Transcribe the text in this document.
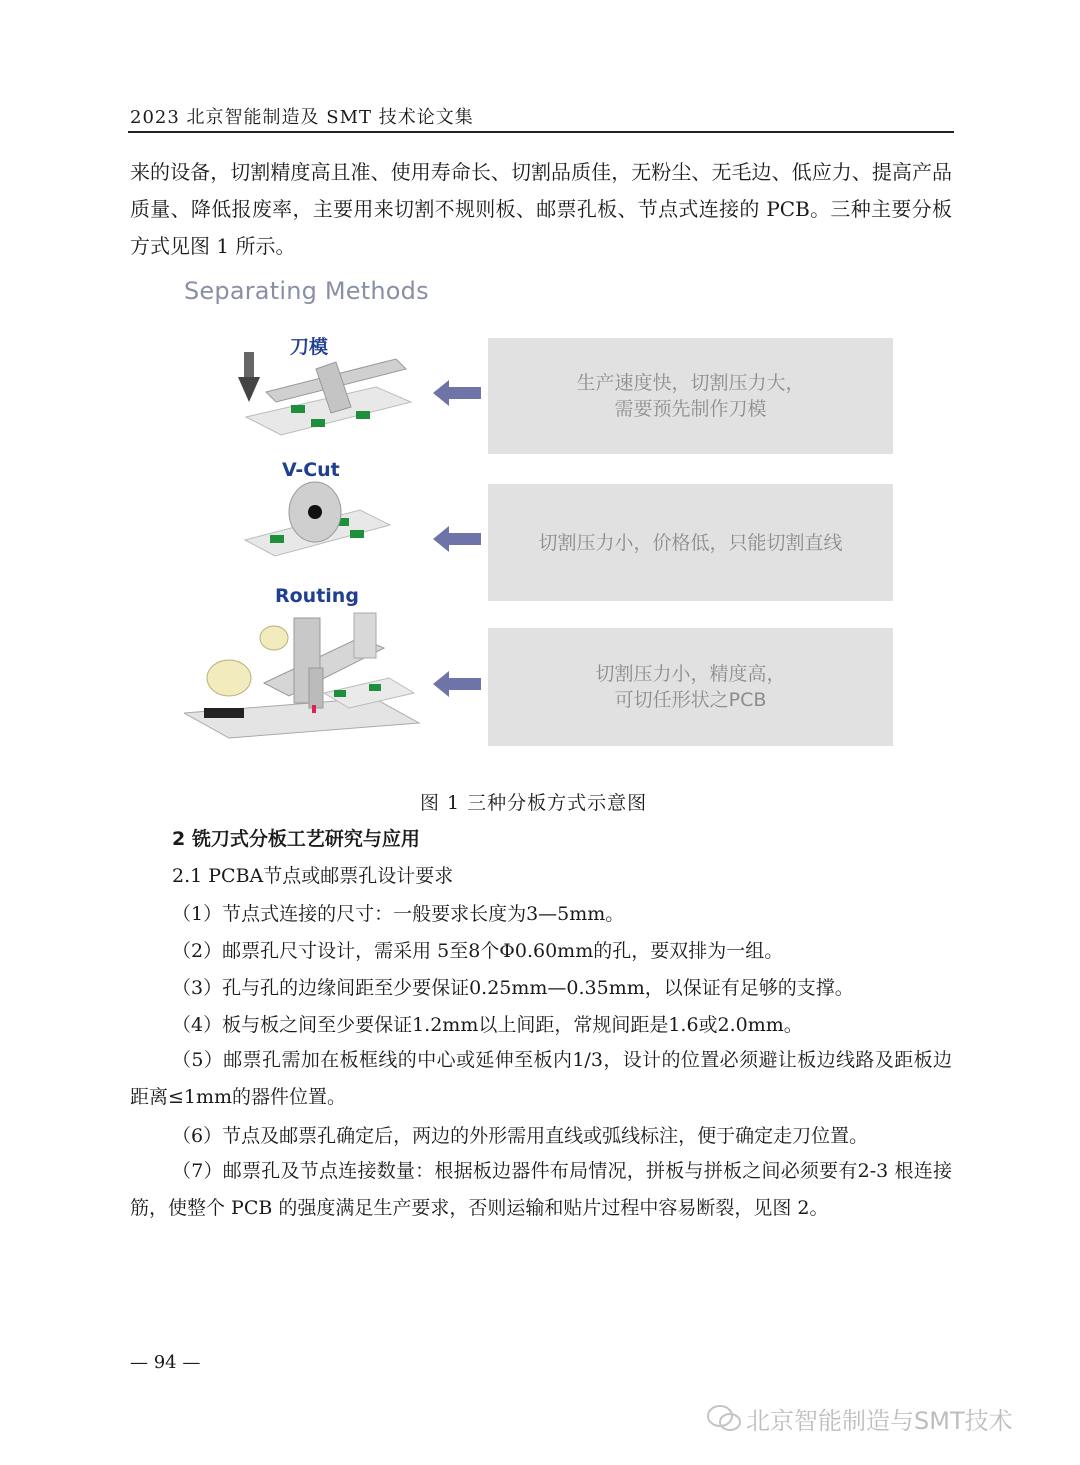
2023 北京智能制造及 SMT 技术论文集

来的设备，切割精度高且准、使用寿命长、切割品质佳，无粉尘、无毛边、低应力、提高产品质量、降低报废率，主要用来切割不规则板、邮票孔板、节点式连接的 PCB。三种主要分板方式见图 1 所示。

Separating Methods
刀模
生产速度快，切割压力大，
需要预先制作刀模
V-Cut
切割压力小，价格低，只能切割直线
Routing
切割压力小，精度高，
可切任形状之PCB
图 1 三种分板方式示意图
2 铣刀式分板工艺研究与应用
2.1 PCBA节点或邮票孔设计要求
（1）节点式连接的尺寸：一般要求长度为3—5mm。
（2）邮票孔尺寸设计，需采用 5至8个Φ0.60mm的孔，要双排为一组。
（3）孔与孔的边缘间距至少要保证0.25mm—0.35mm，以保证有足够的支撑。
（4）板与板之间至少要保证1.2mm以上间距，常规间距是1.6或2.0mm。

（5）邮票孔需加在板框线的中心或延伸至板内1/3，设计的位置必须避让板边线路及距板边距离≤1mm的器件位置。

（6）节点及邮票孔确定后，两边的外形需用直线或弧线标注，便于确定走刀位置。

（7）邮票孔及节点连接数量：根据板边器件布局情况，拼板与拼板之间必须要有2-3 根连接筋，使整个 PCB 的强度满足生产要求，否则运输和贴片过程中容易断裂，见图 2。

— 94 —
北京智能制造与SMT技术
